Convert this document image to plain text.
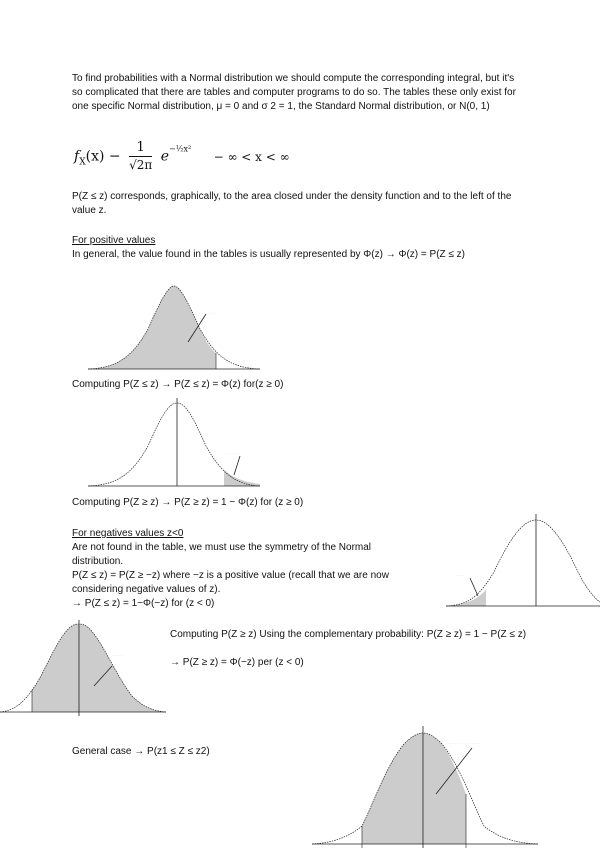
To find probabilities with a Normal distribution we should compute the corresponding integral, but it's so complicated that there are tables and computer programs to do so. The tables these only exist for one specific Normal distribution, μ = 0 and σ 2 = 1, the Standard Normal distribution, or N(0, 1)
$f_X(x) - \frac{1}{√2\pi} e^{-\frac{1}{2}x^2}$ − ∞ < x < ∞
P(Z ≤ z) corresponds, graphically, to the area closed under the density function and to the left of the value z.
For positive values
In general, the value found in the tables is usually represented by Φ(z) → Φ(z) = P(Z ≤ z)
· · · · · · ·
Computing P(Z ≤ z) → P(Z ≤ z) = Φ(z) for(z ≥ 0)
· · · · · · ·
Computing P(Z ≥ z) → P(Z ≥ z) = 1 − Φ(z) for (z ≥ 0)
For negatives values z<0
Are not found in the table, we must use the symmetry of the Normal distribution.
P(Z ≤ z) = P(Z ≥ −z) where −z is a positive value (recall that we are now considering negative values of z).
→ P(Z ≤ z) = 1−Φ(−z) for (z < 0)
· · · · · · ·
· · · · · · ·
Computing P(Z ≥ z) Using the complementary probability: P(Z ≥ z) = 1 − P(Z ≤ z)
→ P(Z ≥ z) = Φ(−z) per (z < 0)
General case → P(z1 ≤ Z ≤ z2)
· · · · · · · · · · · · · · · · · · ·
